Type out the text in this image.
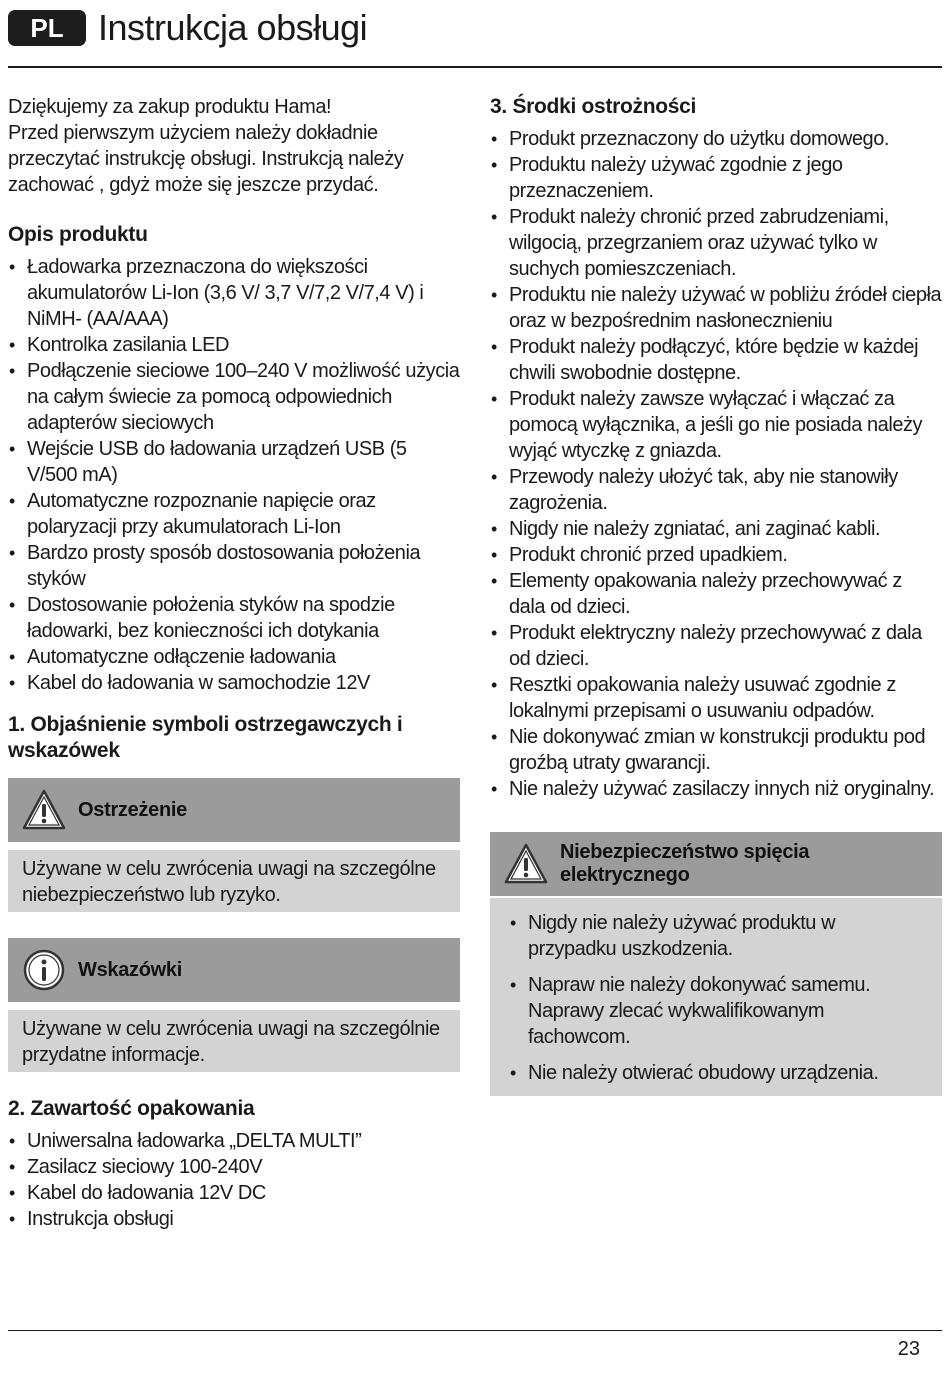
PL Instrukcja obsługi

Dziękujemy za zakup produktu Hama!

Przed pierwszym użyciem należy dokładnie

przeczytać instrukcję obsługi. Instrukcją należy

zachować , gdyż może się jeszcze przydać.

Opis produktu

• Ładowarka przeznaczona do większości akumulatorów Li-Ion (3,6 V/ 3,7 V/7,2 V/7,4 V) i NiMH- (AA/AAA)
• Kontrolka zasilania LED
• Podłączenie sieciowe 100–240 V możliwość użycia na całym świecie za pomocą odpowiednich adapterów sieciowych
• Wejście USB do ładowania urządzeń USB (5 V/500 mA)
• Automatyczne rozpoznanie napięcie oraz polaryzacji przy akumulatorach Li-Ion
• Bardzo prosty sposób dostosowania położenia styków
• Dostosowanie położenia styków na spodzie ładowarki, bez konieczności ich dotykania
• Automatyczne odłączenie ładowania
• Kabel do ładowania w samochodzie 12V

1. Objaśnienie symboli ostrzegawczych i

wskazówek

Ostrzeżenie
Używane w celu zwrócenia uwagi na szczególne niebezpieczeństwo lub ryzyko.
Wskazówki
Używane w celu zwrócenia uwagi na szczególnie przydatne informacje.

2. Zawartość opakowania

• Uniwersalna ładowarka „DELTA MULTI”
• Zasilacz sieciowy 100-240V
• Kabel do ładowania 12V DC
• Instrukcja obsługi

3. Środki ostrożności

• Produkt przeznaczony do użytku domowego.
• Produktu należy używać zgodnie z jego przeznaczeniem.
• Produkt należy chronić przed zabrudzeniami, wilgocią, przegrzaniem oraz używać tylko w suchych pomieszczeniach.
• Produktu nie należy używać w pobliżu źródeł ciepła oraz w bezpośrednim nasłonecznieniu
• Produkt należy podłączyć, które będzie w każdej chwili swobodnie dostępne.
• Produkt należy zawsze wyłączać i włączać za pomocą wyłącznika, a jeśli go nie posiada należy wyjąć wtyczkę z gniazda.
• Przewody należy ułożyć tak, aby nie stanowiły zagrożenia.
• Nigdy nie należy zgniatać, ani zaginać kabli.
• Produkt chronić przed upadkiem.
• Elementy opakowania należy przechowywać z dala od dzieci.
• Produkt elektryczny należy przechowywać z dala od dzieci.
• Resztki opakowania należy usuwać zgodnie z lokalnymi przepisami o usuwaniu odpadów.
• Nie dokonywać zmian w konstrukcji produktu pod groźbą utraty gwarancji.
• Nie należy używać zasilaczy innych niż oryginalny.
Niebezpieczeństwo spięcia elektrycznego
• Nigdy nie należy używać produktu w przypadku uszkodzenia.
• Napraw nie należy dokonywać samemu. Naprawy zlecać wykwalifikowanym fachowcom.
• Nie należy otwierać obudowy urządzenia.
23
